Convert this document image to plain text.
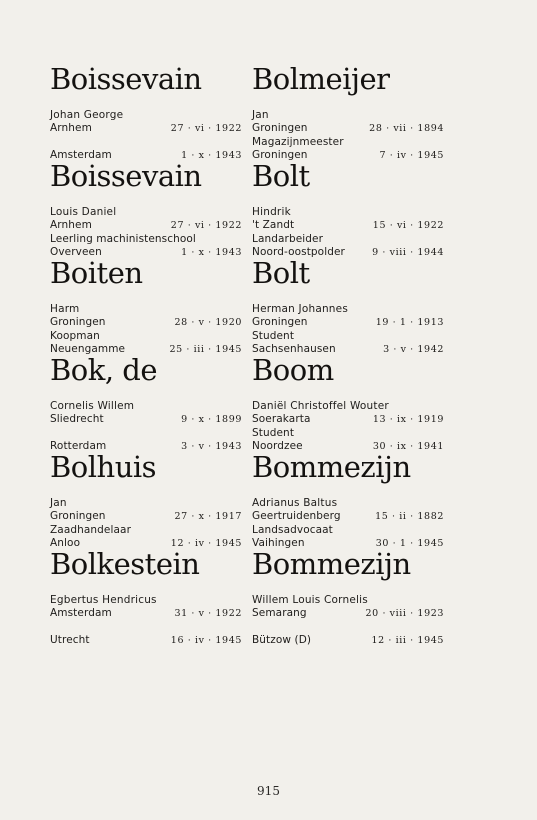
Boissevain
Johan George
Arnhem	27 · vi · 1922
Amsterdam	1 · x · 1943
Boissevain
Louis Daniel
Arnhem	27 · vi · 1922
Leerling machinistenschool
Overveen	1 · x · 1943
Boiten
Harm
Groningen	28 · v · 1920
Koopman
Neuengamme	25 · iii · 1945
Bok, de
Cornelis Willem
Sliedrecht	9 · x · 1899
Rotterdam	3 · v · 1943
Bolhuis
Jan
Groningen	27 · x · 1917
Zaadhandelaar
Anloo	12 · iv · 1945
Bolkestein
Egbertus Hendricus
Amsterdam	31 · v · 1922
Utrecht	16 · iv · 1945
Bolmeijer
Jan
Groningen	28 · vii · 1894
Magazijnmeester
Groningen	7 · iv · 1945
Bolt
Hindrik
't Zandt	15 · vi · 1922
Landarbeider
Noord-oostpolder	9 · viii · 1944
Bolt
Herman Johannes
Groningen	19 · 1 · 1913
Student
Sachsenhausen	3 · v · 1942
Boom
Daniël Christoffel Wouter
Soerakarta	13 · ix · 1919
Student
Noordzee	30 · ix · 1941
Bommezijn
Adrianus Baltus
Geertruidenberg	15 · ii · 1882
Landsadvocaat
Vaihingen	30 · 1 · 1945
Bommezijn
Willem Louis Cornelis
Semarang	20 · viii · 1923
Bützow (D)	12 · iii · 1945
915
